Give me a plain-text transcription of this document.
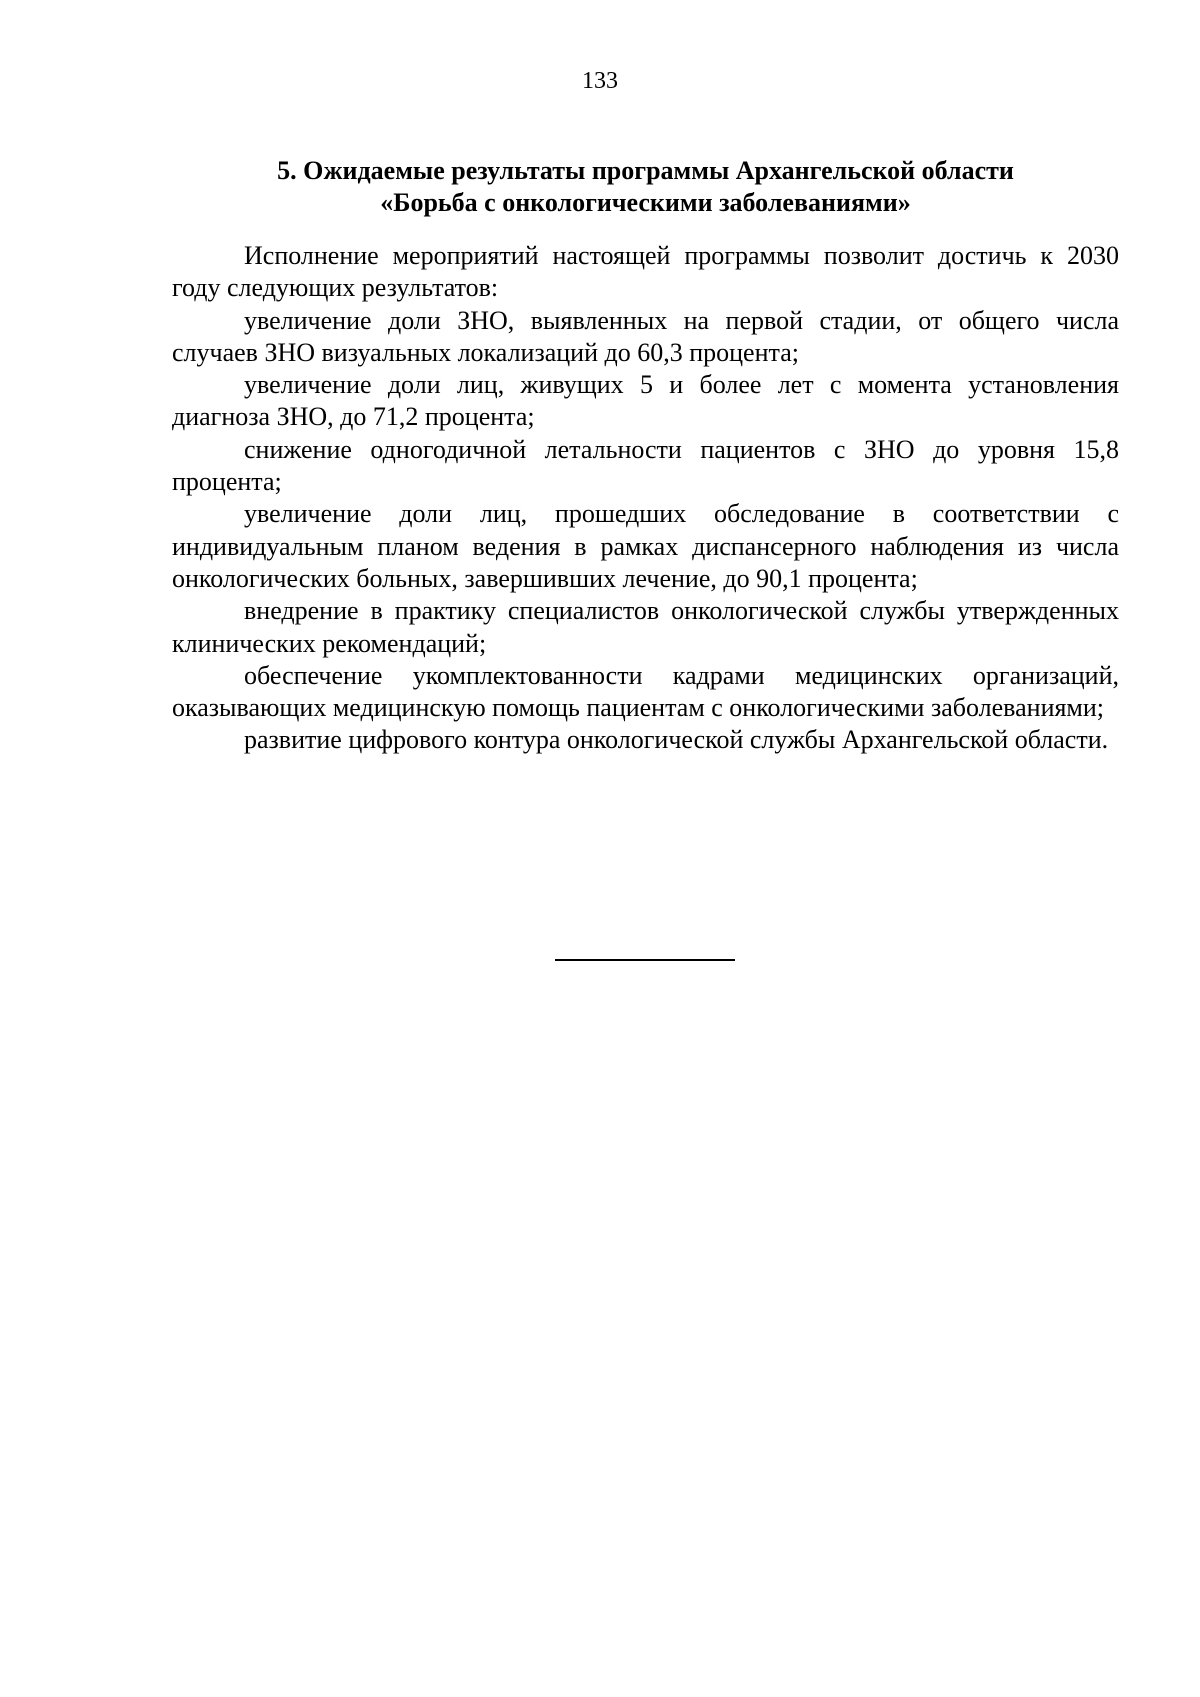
133
5. Ожидаемые результаты программы Архангельской области
«Борьба с онкологическими заболеваниями»

Исполнение мероприятий настоящей программы позволит достичь к 2030 году следующих результатов:

увеличение доли ЗНО, выявленных на первой стадии, от общего числа случаев ЗНО визуальных локализаций до 60,3 процента;

увеличение доли лиц, живущих 5 и более лет с момента установления диагноза ЗНО, до 71,2 процента;

снижение одногодичной летальности пациентов с ЗНО до уровня 15,8 процента;

увеличение доли лиц, прошедших обследование в соответствии с индивидуальным планом ведения в рамках диспансерного наблюдения из числа онкологических больных, завершивших лечение, до 90,1 процента;

внедрение в практику специалистов онкологической службы утвержденных клинических рекомендаций;

обеспечение укомплектованности кадрами медицинских организаций, оказывающих медицинскую помощь пациентам с онкологическими заболеваниями;

развитие цифрового контура онкологической службы Архангельской области.
